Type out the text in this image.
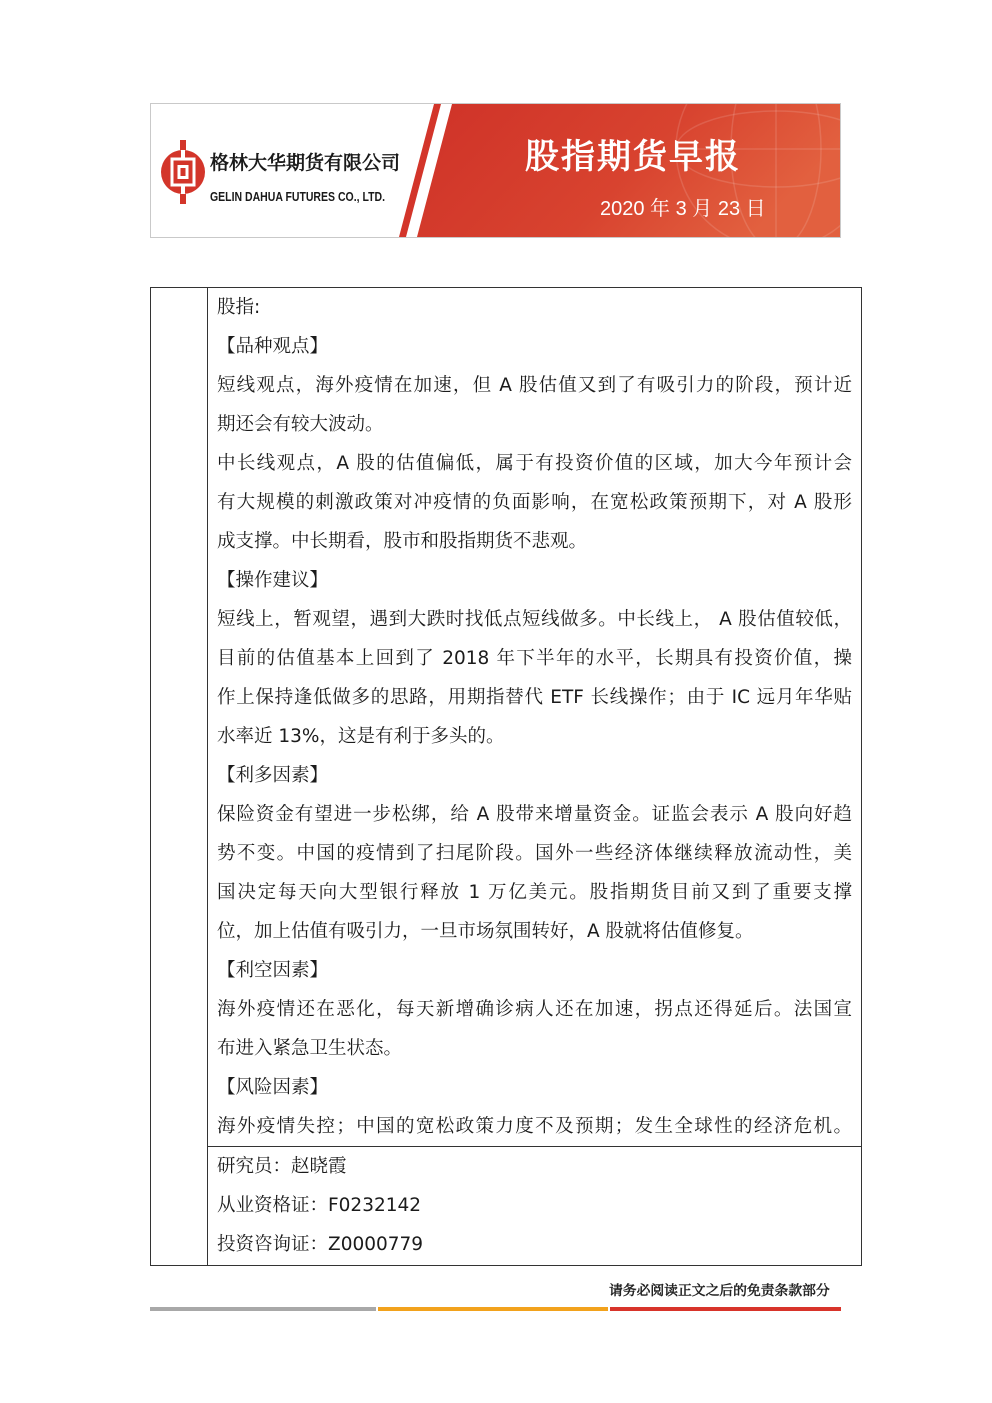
格林大华期货有限公司
GELIN DAHUA FUTURES CO., LTD.
股指期货早报
2020 年 3 月 23 日
股指:
【品种观点】
短线观点，海外疫情在加速，但 A 股估值又到了有吸引力的阶段，预计近
期还会有较大波动。
中长线观点，A 股的估值偏低，属于有投资价值的区域，加大今年预计会
有大规模的刺激政策对冲疫情的负面影响，在宽松政策预期下，对 A 股形
成支撑。中长期看，股市和股指期货不悲观。
【操作建议】
短线上，暂观望，遇到大跌时找低点短线做多。中长线上， A 股估值较低，
目前的估值基本上回到了 2018 年下半年的水平，长期具有投资价值，操
作上保持逢低做多的思路，用期指替代 ETF 长线操作；由于 IC 远月年华贴
水率近 13%，这是有利于多头的。
【利多因素】
保险资金有望进一步松绑，给 A 股带来增量资金。证监会表示 A 股向好趋
势不变。中国的疫情到了扫尾阶段。国外一些经济体继续释放流动性，美
国决定每天向大型银行释放 1 万亿美元。股指期货目前又到了重要支撑
位，加上估值有吸引力，一旦市场氛围转好，A 股就将估值修复。
【利空因素】
海外疫情还在恶化，每天新增确诊病人还在加速，拐点还得延后。法国宣
布进入紧急卫生状态。
【风险因素】
海外疫情失控；中国的宽松政策力度不及预期；发生全球性的经济危机。
研究员：赵晓霞
从业资格证：F0232142
投资咨询证：Z0000779
请务必阅读正文之后的免责条款部分
